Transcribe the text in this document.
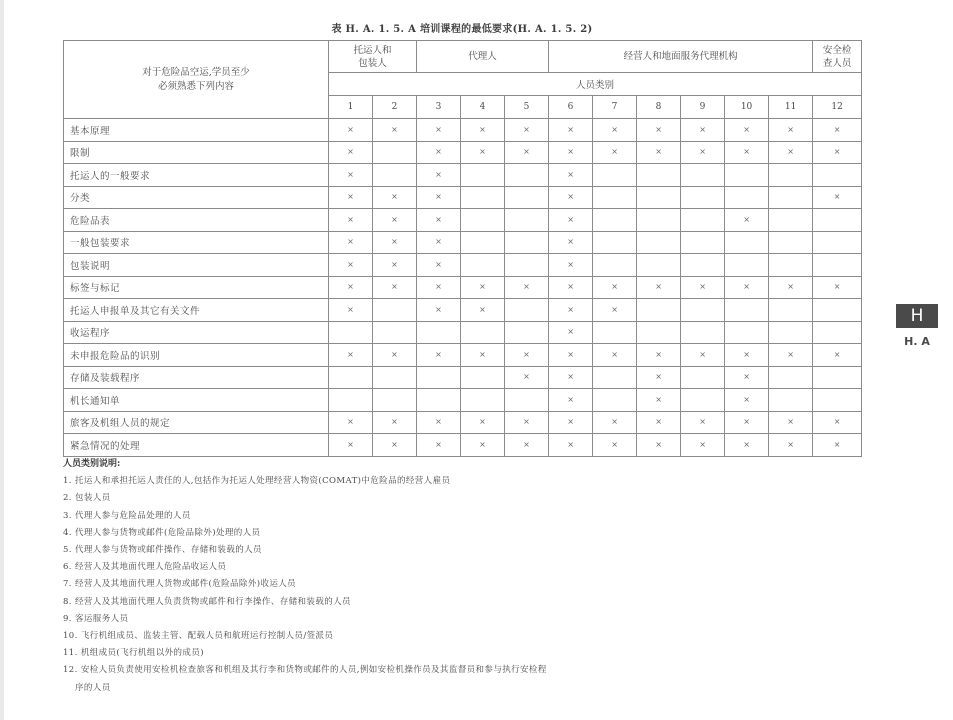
表 H. A. 1. 5. A 培训课程的最低要求(H. A. 1. 5. 2)
对于危险品空运,学员至少
必须熟悉下列内容

托运人和
包装人

代理人	经营人和地面服务代理机构

安全检
查人员

	人员类别											
	1	2	3	4	5	6	7	8	9	10	11	12
基本原理	×	×	×	×	×	×	×	×	×	×	×	×
限制	×		×	×	×	×	×	×	×	×	×	×
托运人的一般要求	×		×			×						
分类	×	×	×			×						×
危险品表	×	×	×			×				×		
一般包装要求	×	×	×			×						
包装说明	×	×	×			×						
标签与标记	×	×	×	×	×	×	×	×	×	×	×	×
托运人申报单及其它有关文件	×		×	×		×	×					
收运程序						×						
未申报危险品的识别	×	×	×	×	×	×	×	×	×	×	×	×
存储及装载程序					×	×		×		×		
机长通知单						×		×		×		
旅客及机组人员的规定	×	×	×	×	×	×	×	×	×	×	×	×
紧急情况的处理	×	×	×	×	×	×	×	×	×	×	×	×
人员类别说明:
1. 托运人和承担托运人责任的人,包括作为托运人处理经营人物资(COMAT)中危险品的经营人雇员
2. 包装人员
3. 代理人参与危险品处理的人员
4. 代理人参与货物或邮件(危险品除外)处理的人员
5. 代理人参与货物或邮件操作、存储和装载的人员
6. 经营人及其地面代理人危险品收运人员
7. 经营人及其地面代理人货物或邮件(危险品除外)收运人员
8. 经营人及其地面代理人负责货物或邮件和行李操作、存储和装载的人员
9. 客运服务人员
10. 飞行机组成员、监装主管、配载人员和航班运行控制人员/签派员
11. 机组成员(飞行机组以外的成员)
12. 安检人员负责使用安检机检查旅客和机组及其行李和货物或邮件的人员,例如安检机操作员及其监督员和参与执行安检程
序的人员
H
H. A
